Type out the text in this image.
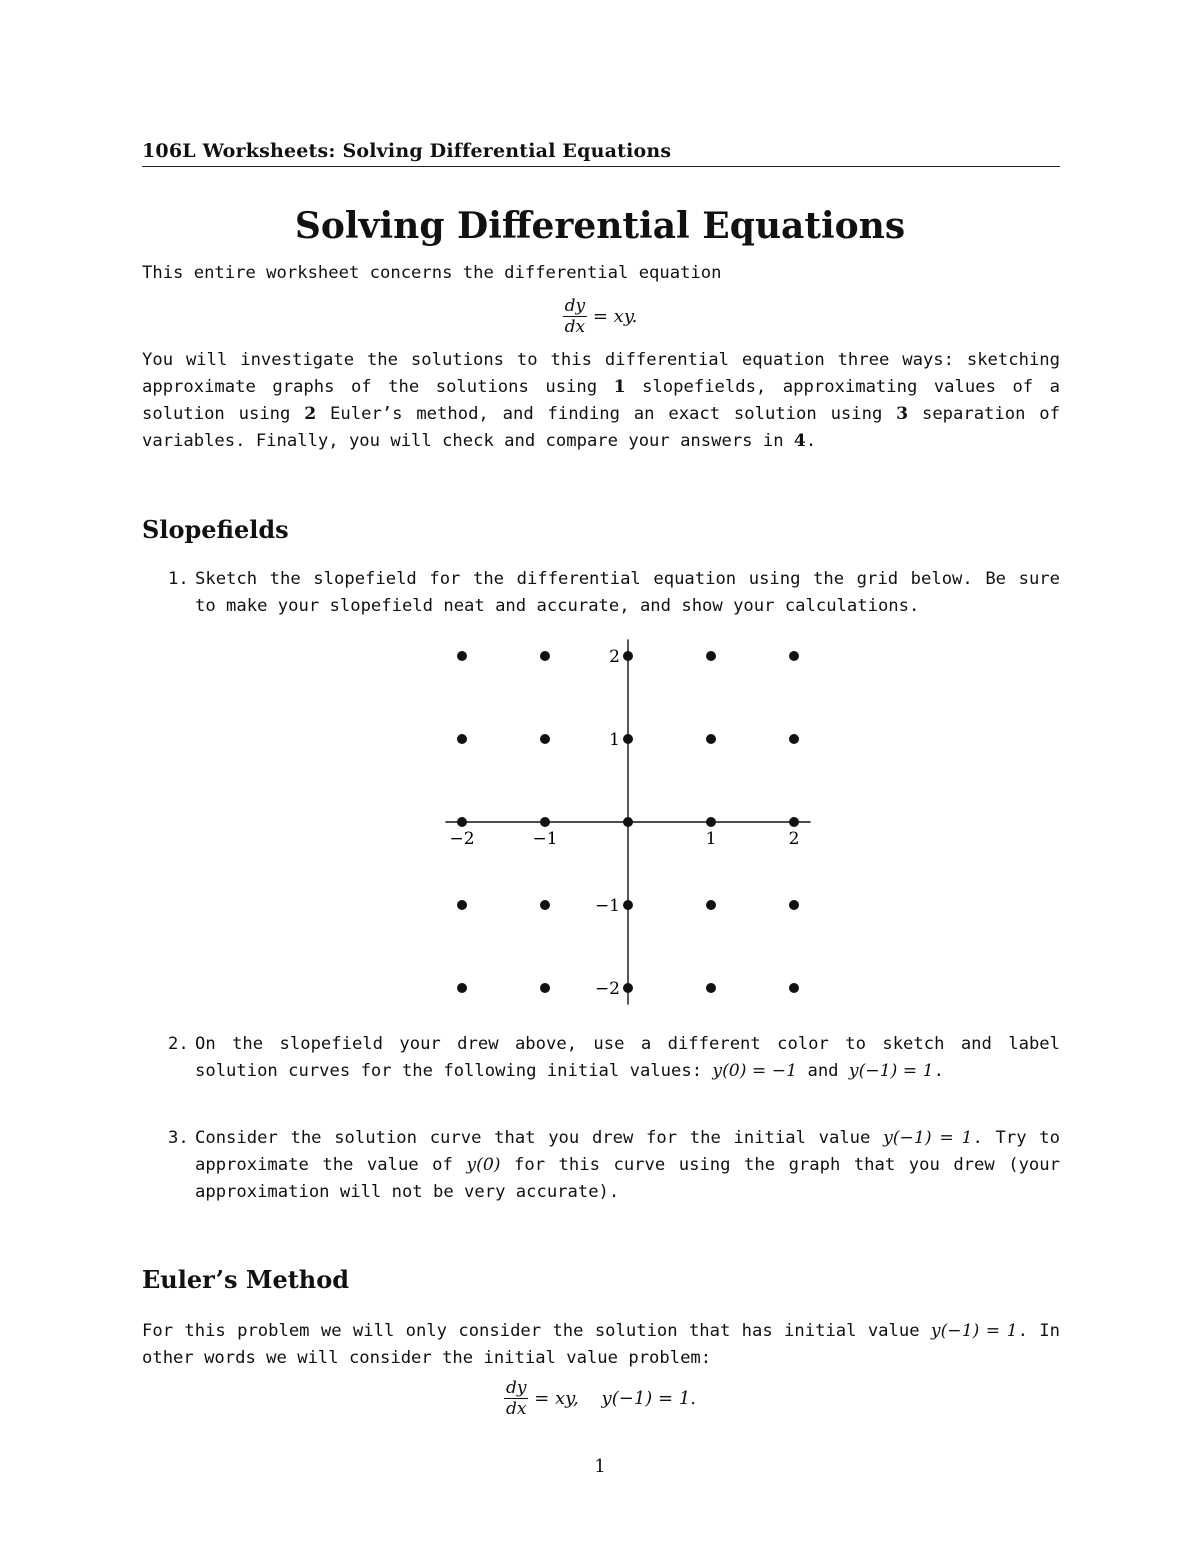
106L Worksheets: Solving Differential Equations
Solving Differential Equations
This entire worksheet concerns the differential equation
$\frac{dy}{dx}$ = xy.
You will investigate the solutions to this differential equation three ways: sketching approximate graphs of the solutions using 1 slopefields, approximating values of a solution using 2 Euler’s method, and finding an exact solution using 3 separation of variables. Finally, you will check and compare your answers in 4.
Slopefields
1. Sketch the slopefield for the differential equation using the grid below. Be sure to make your slopefield neat and accurate, and show your calculations.
−2	−1	1	2
2
1
−1
−2
2. On the slopefield your drew above, use a different color to sketch and label solution curves for the following initial values: y(0) = −1 and y(−1) = 1.
3. Consider the solution curve that you drew for the initial value y(−1) = 1. Try to approximate the value of y(0) for this curve using the graph that you drew (your approximation will not be very accurate).
Euler’s Method
For this problem we will only consider the solution that has initial value y(−1) = 1. In other words we will consider the initial value problem:
$\frac{dy}{dx}$ = xy,    y(−1) = 1.
1
